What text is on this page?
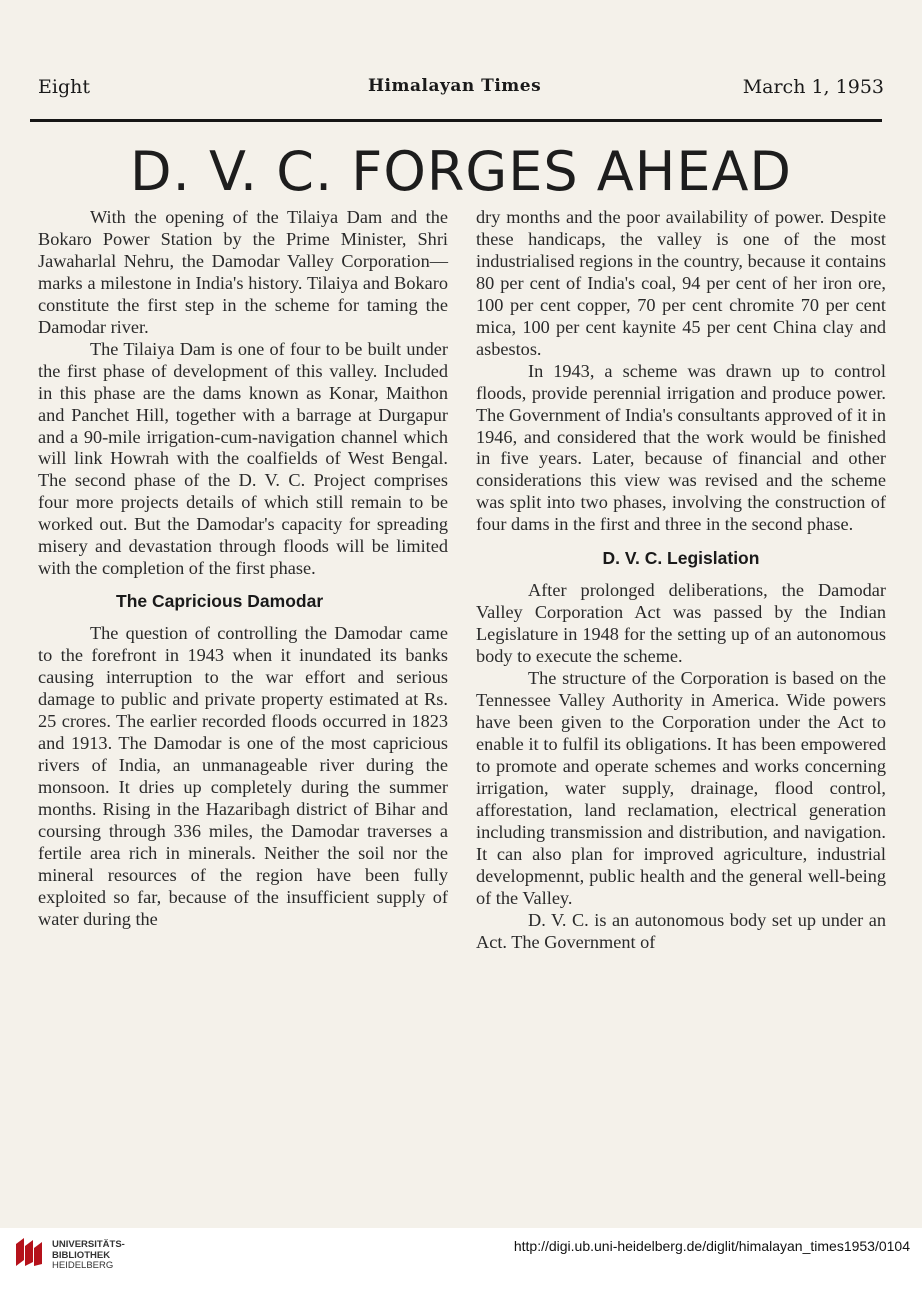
Eight	Himalayan Times	March 1, 1953
D. V. C. FORGES AHEAD

With the opening of the Tilaiya Dam and the Bokaro Power Station by the Prime Minister, Shri Jawaharlal Nehru, the Damodar Valley Corporation—marks a milestone in India's history. Tilaiya and Bokaro constitute the first step in the scheme for taming the Damodar river.

The Tilaiya Dam is one of four to be built under the first phase of development of this valley. Included in this phase are the dams known as Konar, Maithon and Panchet Hill, together with a barrage at Durgapur and a 90-mile irrigation-cum-navigation channel which will link Howrah with the coalfields of West Bengal. The second phase of the D. V. C. Project comprises four more projects details of which still remain to be worked out. But the Damodar's capacity for spreading misery and devastation through floods will be limited with the completion of the first phase.

The Capricious Damodar

The question of controlling the Damodar came to the forefront in 1943 when it inundated its banks causing interruption to the war effort and serious damage to public and private property estimated at Rs. 25 crores. The earlier recorded floods occurred in 1823 and 1913. The Damodar is one of the most capricious rivers of India, an unmanageable river during the monsoon. It dries up completely during the summer months. Rising in the Hazaribagh district of Bihar and coursing through 336 miles, the Damodar traverses a fertile area rich in minerals. Neither the soil nor the mineral resources of the region have been fully exploited so far, because of the insufficient supply of water during the

dry months and the poor availability of power. Despite these handicaps, the valley is one of the most industrialised regions in the country, because it contains 80 per cent of India's coal, 94 per cent of her iron ore, 100 per cent copper, 70 per cent chromite 70 per cent mica, 100 per cent kaynite 45 per cent China clay and asbestos.

In 1943, a scheme was drawn up to control floods, provide perennial irrigation and produce power. The Government of India's consultants approved of it in 1946, and considered that the work would be finished in five years. Later, because of financial and other considerations this view was revised and the scheme was split into two phases, involving the construction of four dams in the first and three in the second phase.

D. V. C. Legislation

After prolonged deliberations, the Damodar Valley Corporation Act was passed by the Indian Legislature in 1948 for the setting up of an autonomous body to execute the scheme.

The structure of the Corporation is based on the Tennessee Valley Authority in America. Wide powers have been given to the Corporation under the Act to enable it to fulfil its obligations. It has been empowered to promote and operate schemes and works concerning irrigation, water supply, drainage, flood control, afforestation, land reclamation, electrical generation including transmission and distribution, and navigation. It can also plan for improved agriculture, industrial developmennt, public health and the general well-being of the Valley.

D. V. C. is an autonomous body set up under an Act. The Government of

UNIVERSITÄTS-
BIBLIOTHEK
HEIDELBERG
http://digi.ub.uni-heidelberg.de/diglit/himalayan_times1953/0104
